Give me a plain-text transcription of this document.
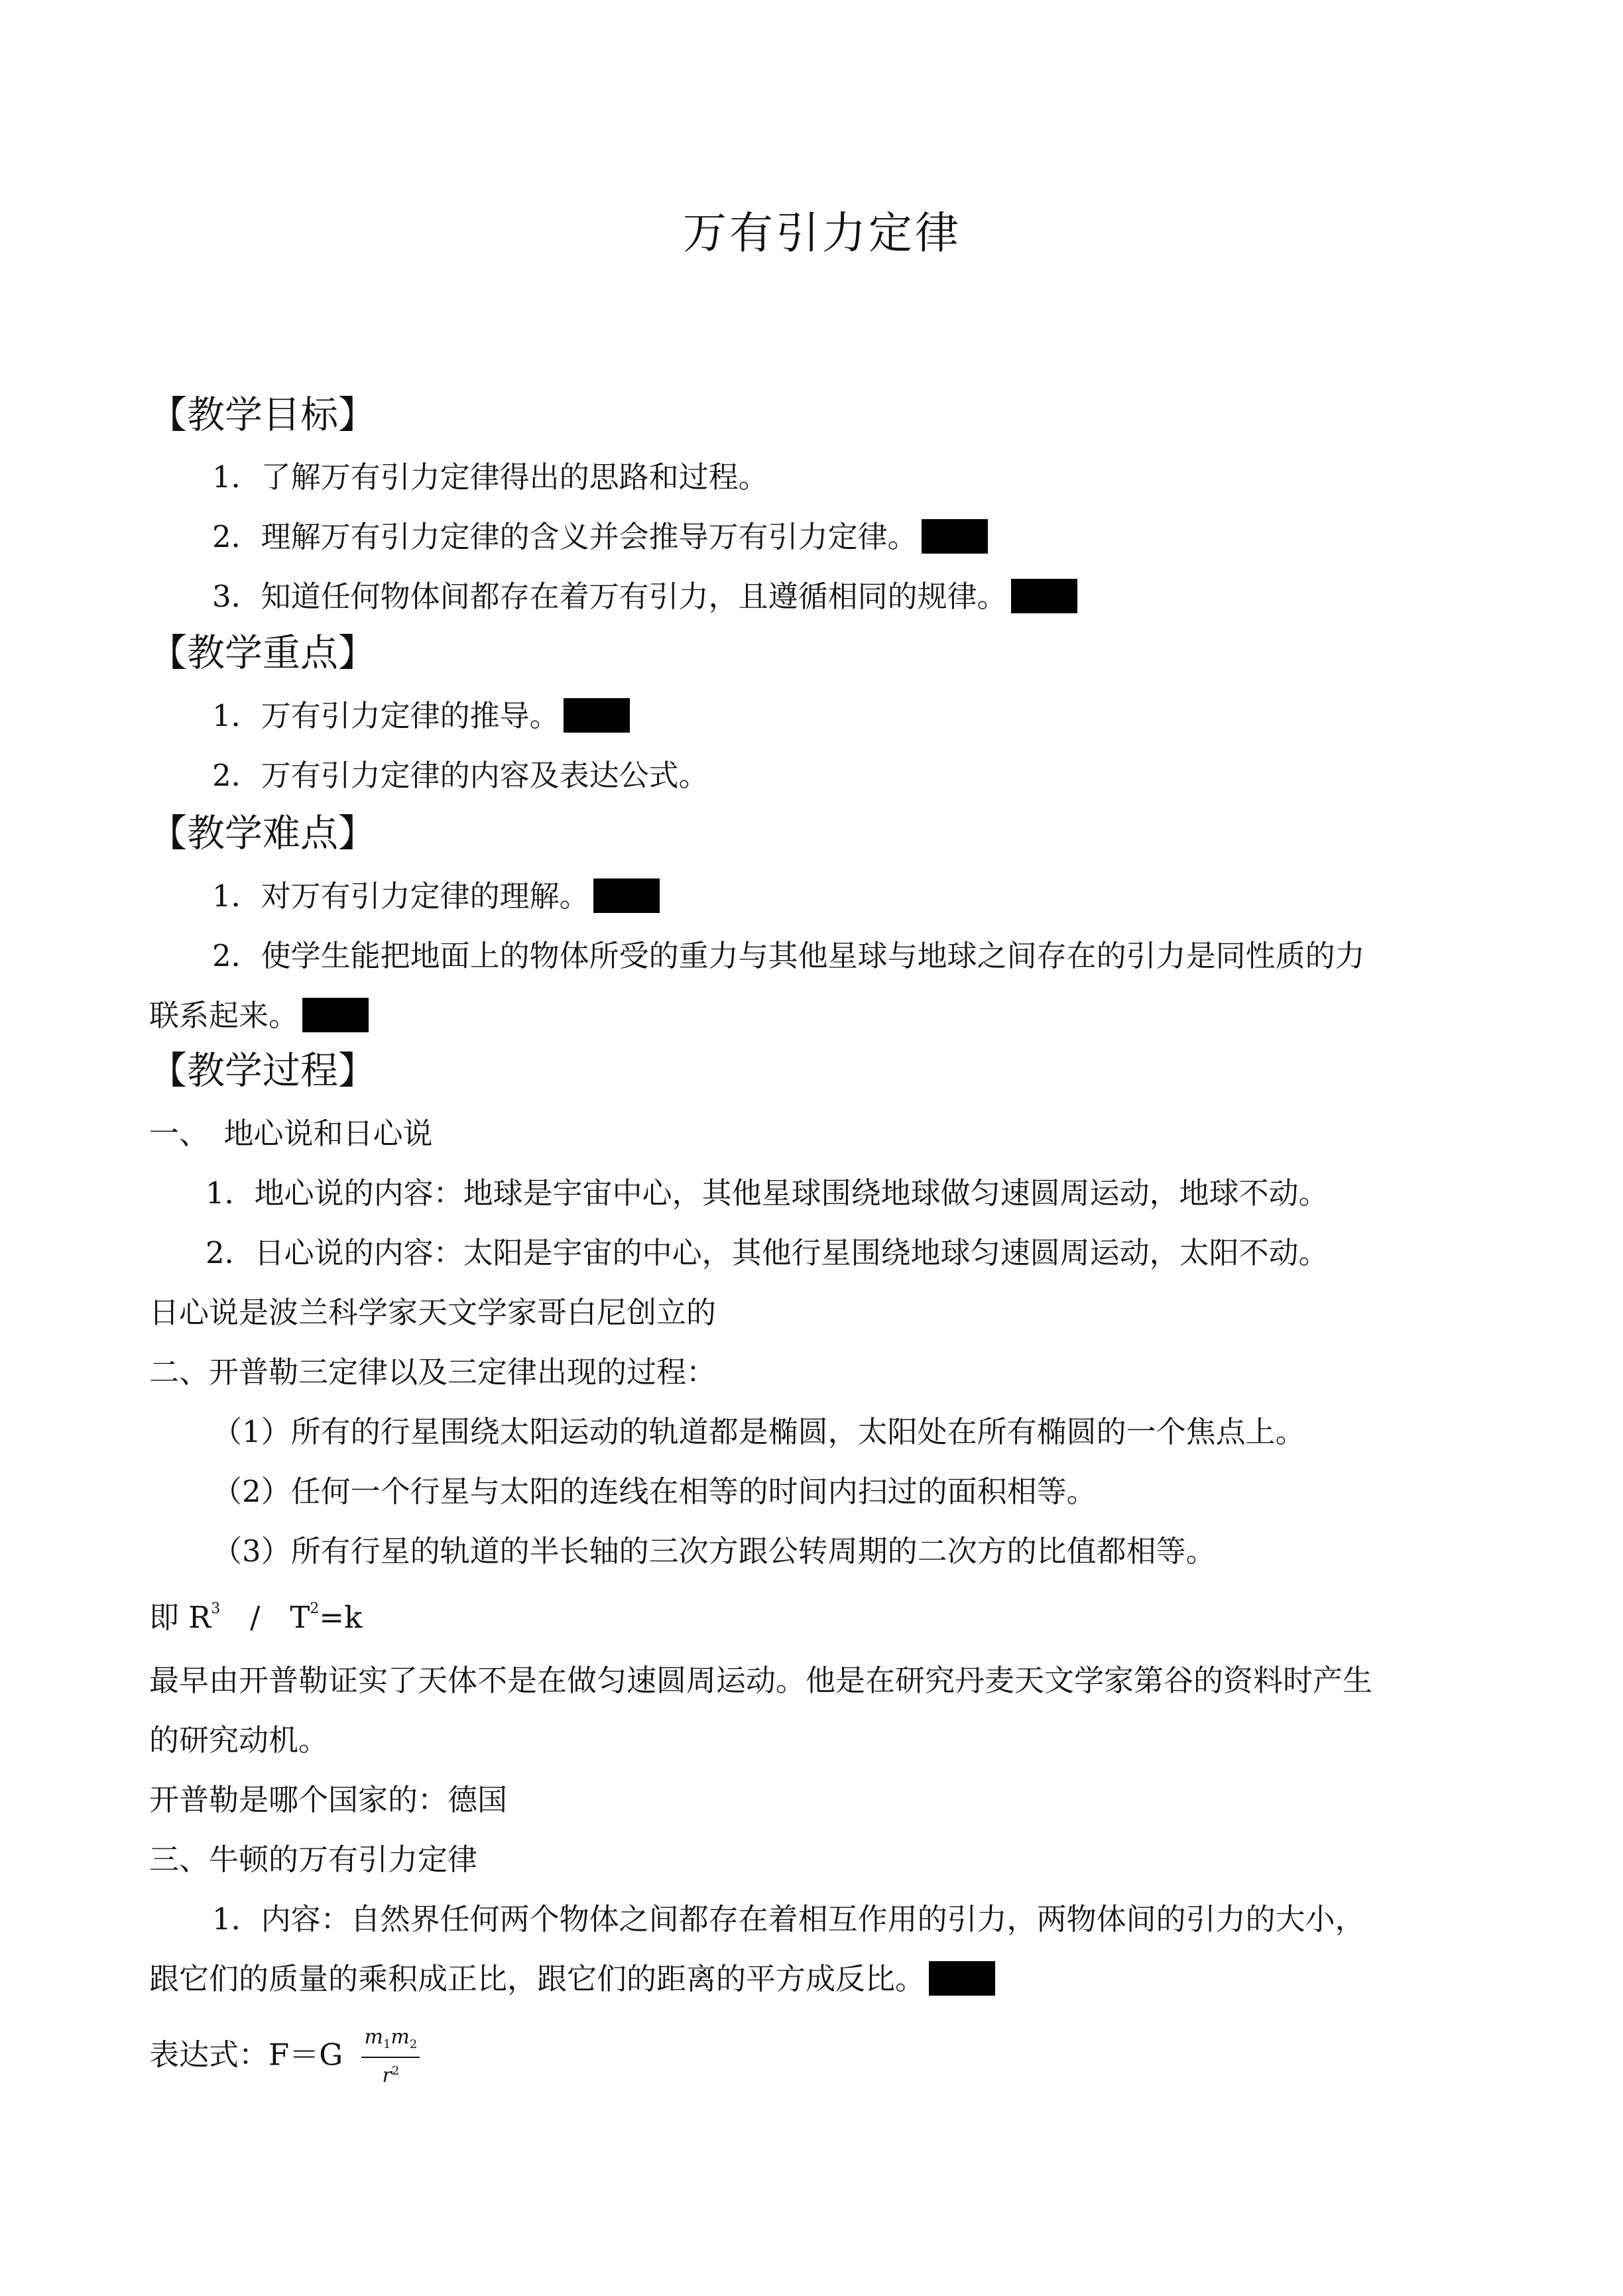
万有引力定律
【教学目标】
1．了解万有引力定律得出的思路和过程。
2．理解万有引力定律的含义并会推导万有引力定律。
3．知道任何物体间都存在着万有引力，且遵循相同的规律。
【教学重点】
1．万有引力定律的推导。
2．万有引力定律的内容及表达公式。
【教学难点】
1．对万有引力定律的理解。
2．使学生能把地面上的物体所受的重力与其他星球与地球之间存在的引力是同性质的力
联系起来。
【教学过程】
一、　地心说和日心说
1．地心说的内容：地球是宇宙中心，其他星球围绕地球做匀速圆周运动，地球不动。
2．日心说的内容：太阳是宇宙的中心，其他行星围绕地球匀速圆周运动，太阳不动。
日心说是波兰科学家天文学家哥白尼创立的
二、开普勒三定律以及三定律出现的过程：
（1）所有的行星围绕太阳运动的轨道都是椭圆，太阳处在所有椭圆的一个焦点上。
（2）任何一个行星与太阳的连线在相等的时间内扫过的面积相等。
（3）所有行星的轨道的半长轴的三次方跟公转周期的二次方的比值都相等。
即 $R^3$　/　$T^2=k$
最早由开普勒证实了天体不是在做匀速圆周运动。他是在研究丹麦天文学家第谷的资料时产生
的研究动机。
开普勒是哪个国家的：德国
三、牛顿的万有引力定律
1．内容：自然界任何两个物体之间都存在着相互作用的引力，两物体间的引力的大小，
跟它们的质量的乘积成正比，跟它们的距离的平方成反比。
表达式：$F=G \frac{m_1m_2}{r^2}$
